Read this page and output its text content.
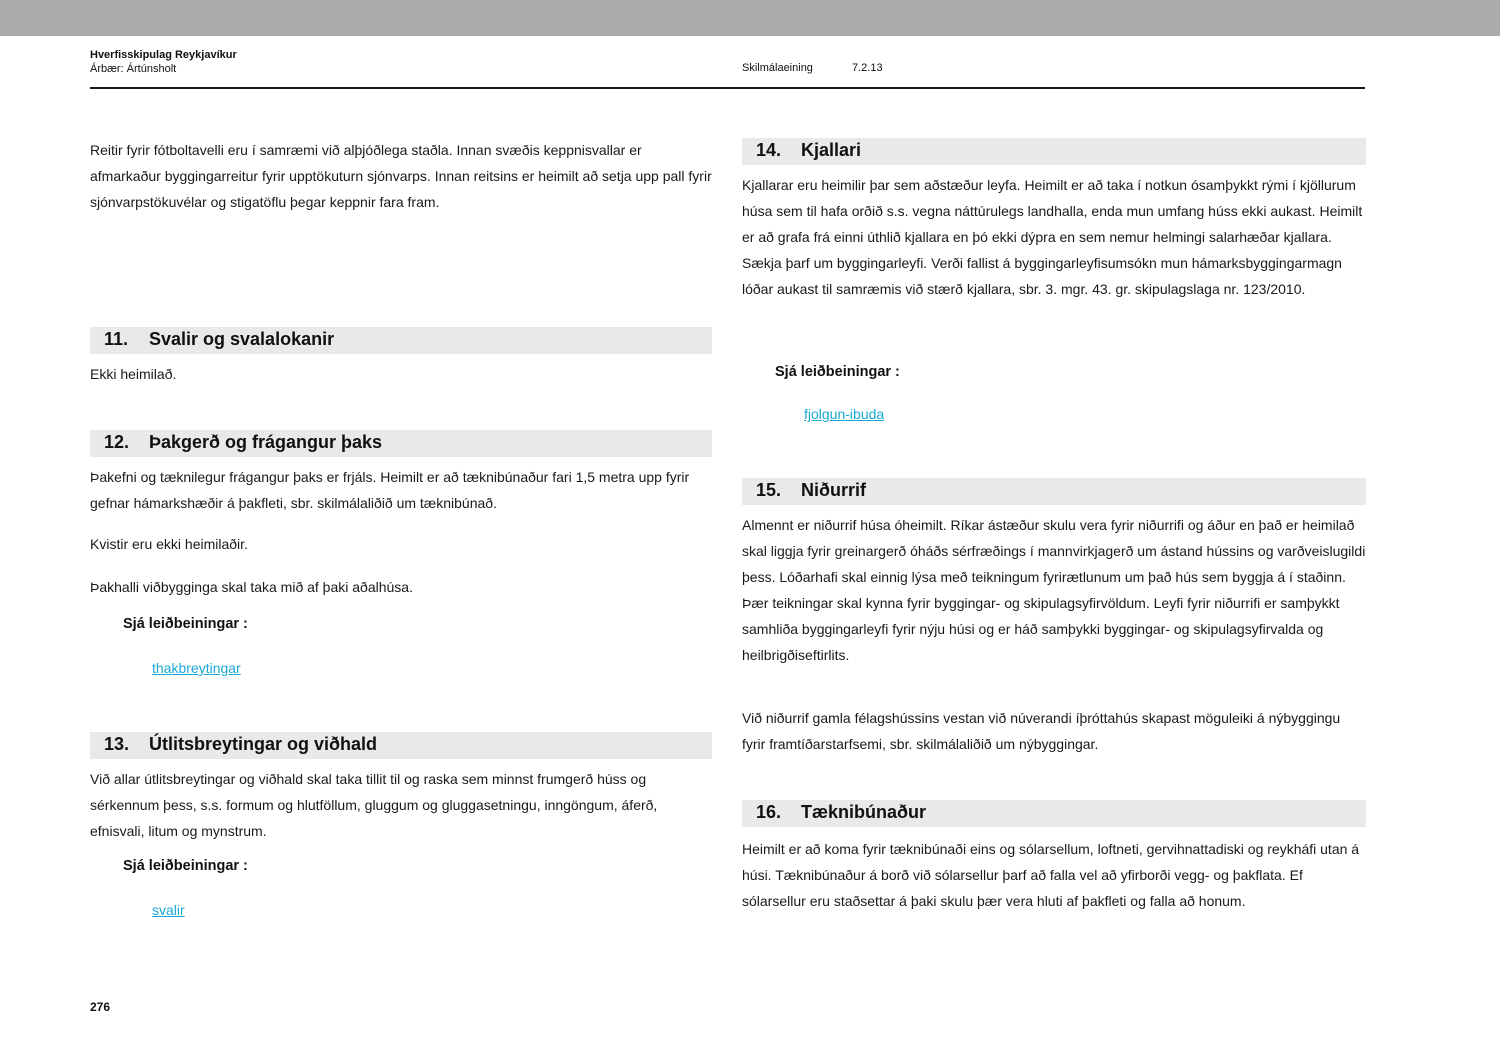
Hverfisskipulag Reykjavíkur
Árbær: Ártúnsholt	Skilmálaeining	7.2.13

Reitir fyrir fótboltavelli eru í samræmi við alþjóðlega staðla. Innan svæðis keppnisvallar er afmarkaður byggingarreitur fyrir upptökuturn sjónvarps. Innan reitsins er heimilt að setja upp pall fyrir sjónvarpstökuvélar og stigatöflu þegar keppnir fara fram.

11. Svalir og svalalokanir

Ekki heimilað.

12. Þakgerð og frágangur þaks

Þakefni og tæknilegur frágangur þaks er frjáls. Heimilt er að tæknibúnaður fari 1,5 metra upp fyrir gefnar hámarkshæðir á þakfleti, sbr. skilmálaliðið um tæknibúnað.

Kvistir eru ekki heimilaðir.

Þakhalli viðbygginga skal taka mið af þaki aðalhúsa.

Sjá leiðbeiningar :

thakbreytingar
13. Útlitsbreytingar og viðhald

Við allar útlitsbreytingar og viðhald skal taka tillit til og raska sem minnst frumgerð húss og sérkennum þess, s.s. formum og hlutföllum, gluggum og gluggasetningu, inngöngum, áferð, efnisvali, litum og mynstrum.

Sjá leiðbeiningar :

svalir
276
14. Kjallari

Kjallarar eru heimilir þar sem aðstæður leyfa. Heimilt er að taka í notkun ósamþykkt rými í kjöllurum húsa sem til hafa orðið s.s. vegna náttúrulegs landhalla, enda mun umfang húss ekki aukast. Heimilt er að grafa frá einni úthlið kjallara en þó ekki dýpra en sem nemur helmingi salarhæðar kjallara. Sækja þarf um byggingarleyfi. Verði fallist á byggingarleyfisumsókn mun hámarksbyggingarmagn lóðar aukast til samræmis við stærð kjallara, sbr. 3. mgr. 43. gr. skipulagslaga nr. 123/2010.

Sjá leiðbeiningar :

fjolgun-ibuda
15. Niðurrif

Almennt er niðurrif húsa óheimilt. Ríkar ástæður skulu vera fyrir niðurrifi og áður en það er heimilað skal liggja fyrir greinargerð óháðs sérfræðings í mannvirkjagerð um ástand hússins og varðveislugildi þess. Lóðarhafi skal einnig lýsa með teikningum fyrirætlunum um það hús sem byggja á í staðinn. Þær teikningar skal kynna fyrir byggingar- og skipulagsyfirvöldum. Leyfi fyrir niðurrifi er samþykkt samhliða byggingarleyfi fyrir nýju húsi og er háð samþykki byggingar- og skipulagsyfirvalda og heilbrigðiseftirlits.

Við niðurrif gamla félagshússins vestan við núverandi íþróttahús skapast möguleiki á nýbyggingu fyrir framtíðarstarfsemi, sbr. skilmálaliðið um nýbyggingar.

16. Tæknibúnaður

Heimilt er að koma fyrir tæknibúnaði eins og sólarsellum, loftneti, gervihnattadiski og reykháfi utan á húsi. Tæknibúnaður á borð við sólarsellur þarf að falla vel að yfirborði vegg- og þakflata. Ef sólarsellur eru staðsettar á þaki skulu þær vera hluti af þakfleti og falla að honum.
